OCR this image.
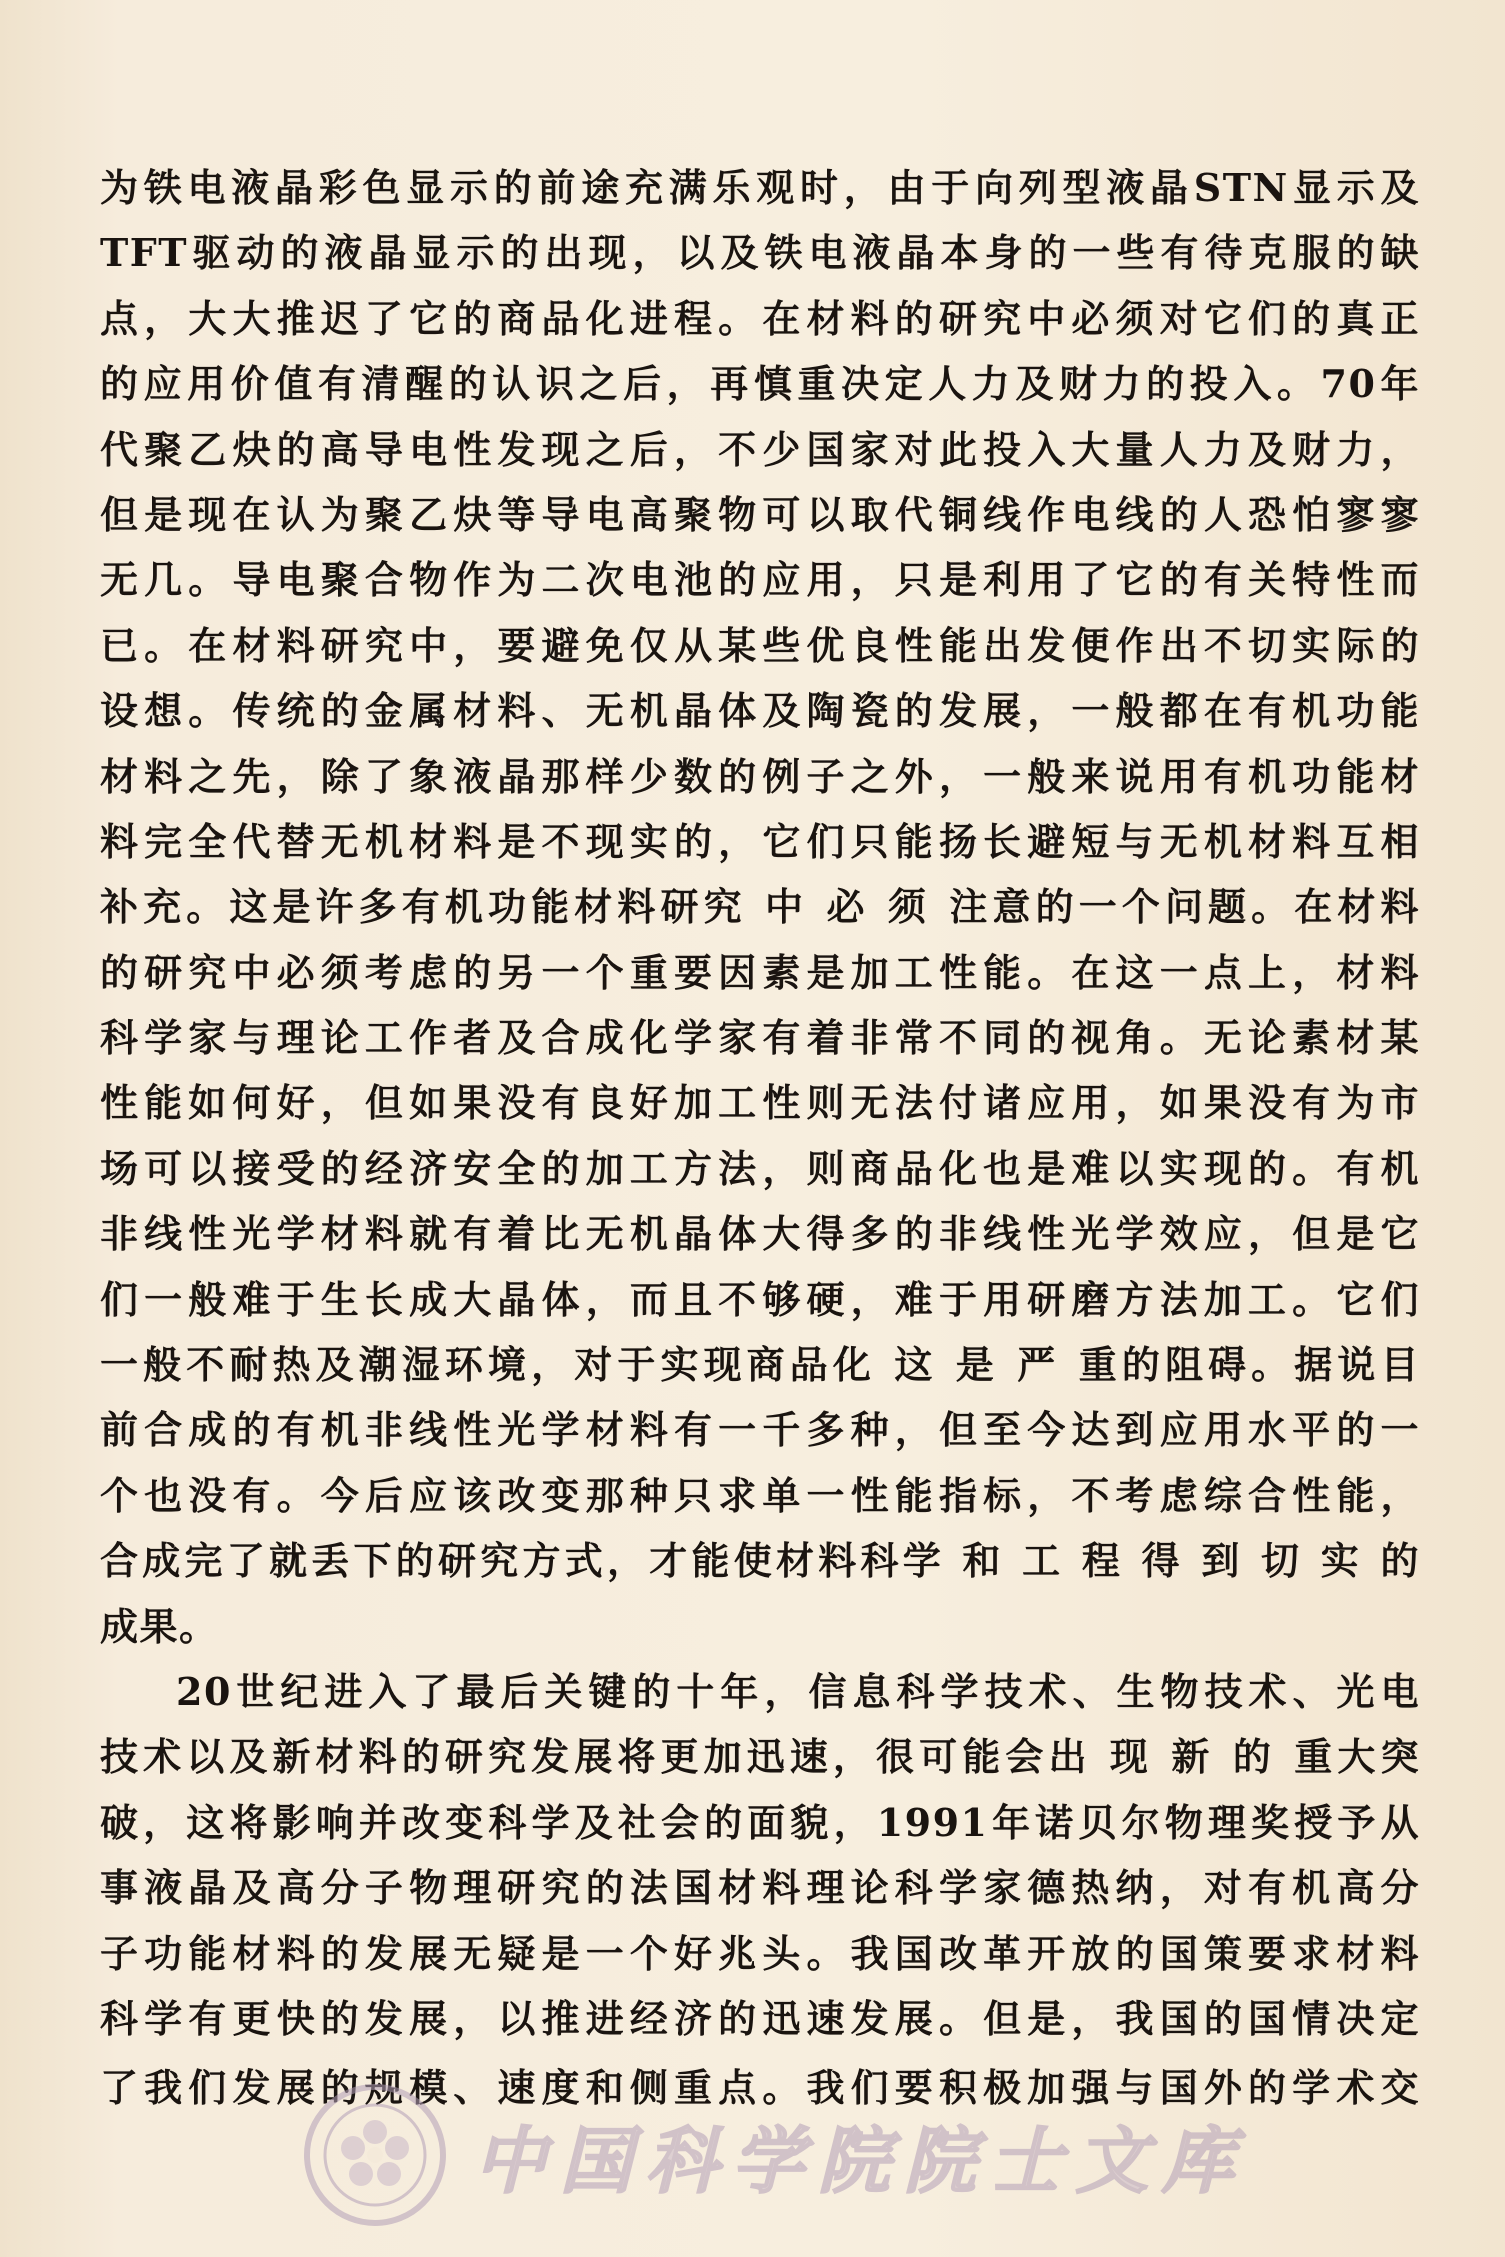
为铁电液晶彩色显示的前途充满乐观时，由于向列型液晶STN显示及
TFT驱动的液晶显示的出现，以及铁电液晶本身的一些有待克服的缺
点，大大推迟了它的商品化进程。在材料的研究中必须对它们的真正
的应用价值有清醒的认识之后，再慎重决定人力及财力的投入。70年
代聚乙炔的高导电性发现之后，不少国家对此投入大量人力及财力，
但是现在认为聚乙炔等导电高聚物可以取代铜线作电线的人恐怕寥寥
无几。导电聚合物作为二次电池的应用，只是利用了它的有关特性而
已。在材料研究中，要避免仅从某些优良性能出发便作出不切实际的
设想。传统的金属材料、无机晶体及陶瓷的发展，一般都在有机功能
材料之先，除了象液晶那样少数的例子之外，一般来说用有机功能材
料完全代替无机材料是不现实的，它们只能扬长避短与无机材料互相
补充。这是许多有机功能材料研究 中 必 须 注意的一个问题。在材料
的研究中必须考虑的另一个重要因素是加工性能。在这一点上，材料
科学家与理论工作者及合成化学家有着非常不同的视角。无论素材某
性能如何好，但如果没有良好加工性则无法付诸应用，如果没有为市
场可以接受的经济安全的加工方法，则商品化也是难以实现的。有机
非线性光学材料就有着比无机晶体大得多的非线性光学效应，但是它
们一般难于生长成大晶体，而且不够硬，难于用研磨方法加工。它们
一般不耐热及潮湿环境，对于实现商品化 这 是 严 重的阻碍。据说目
前合成的有机非线性光学材料有一千多种，但至今达到应用水平的一
个也没有。今后应该改变那种只求单一性能指标，不考虑综合性能，
合成完了就丢下的研究方式，才能使材料科学 和 工 程 得 到 切 实 的
成果。
20世纪进入了最后关键的十年，信息科学技术、生物技术、光电
技术以及新材料的研究发展将更加迅速，很可能会出 现 新 的 重大突
破，这将影响并改变科学及社会的面貌，1991年诺贝尔物理奖授予从
事液晶及高分子物理研究的法国材料理论科学家德热纳，对有机高分
子功能材料的发展无疑是一个好兆头。我国改革开放的国策要求材料
科学有更快的发展，以推进经济的迅速发展。但是，我国的国情决定
了我们发展的规模、速度和侧重点。我们要积极加强与国外的学术交
中国科学院院士文库
